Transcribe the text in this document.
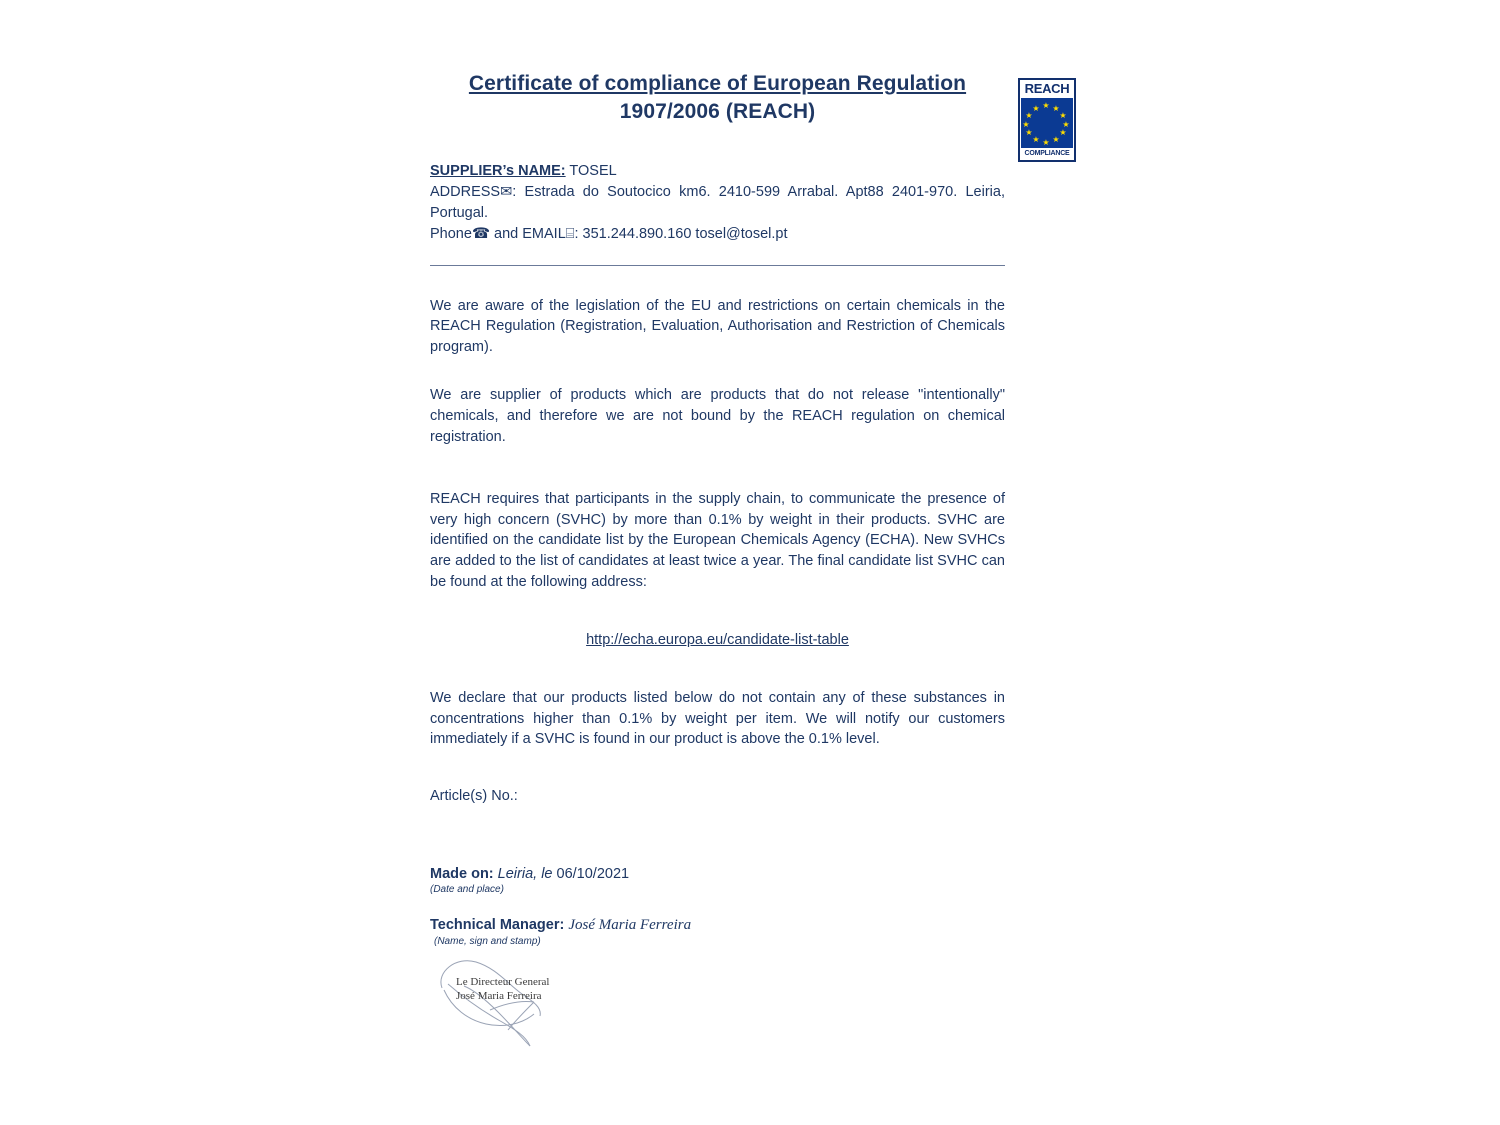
REACH
★ ★
★
★
★
★
★
★
★
★
★
★
COMPLIANCE
Certificate of compliance of European Regulation
1907/2006 (REACH)
SUPPLIER’s NAME: TOSEL
ADDRESS✉: Estrada do Soutocico km6. 2410-599 Arrabal. Apt88 2401-970. Leiria, Portugal.
Phone☎ and EMAIL⌸: 351.244.890.160 tosel@tosel.pt

We are aware of the legislation of the EU and restrictions on certain chemicals in the REACH Regulation (Registration, Evaluation, Authorisation and Restriction of Chemicals program).

We are supplier of products which are products that do not release "intentionally" chemicals, and therefore we are not bound by the REACH regulation on chemical registration.

REACH requires that participants in the supply chain, to communicate the presence of very high concern (SVHC) by more than 0.1% by weight in their products. SVHC are identified on the candidate list by the European Chemicals Agency (ECHA). New SVHCs are added to the list of candidates at least twice a year. The final candidate list SVHC can be found at the following address:

http://echa.europa.eu/candidate-list-table

We declare that our products listed below do not contain any of these substances in concentrations higher than 0.1% by weight per item. We will notify our customers immediately if a SVHC is found in our product is above the 0.1% level.

Article(s) No.:
Made on: Leiria, le 06/10/2021
(Date and place)
Technical Manager: José Maria Ferreira
(Name, sign and stamp)
Le Directeur General
José Maria Ferreira
